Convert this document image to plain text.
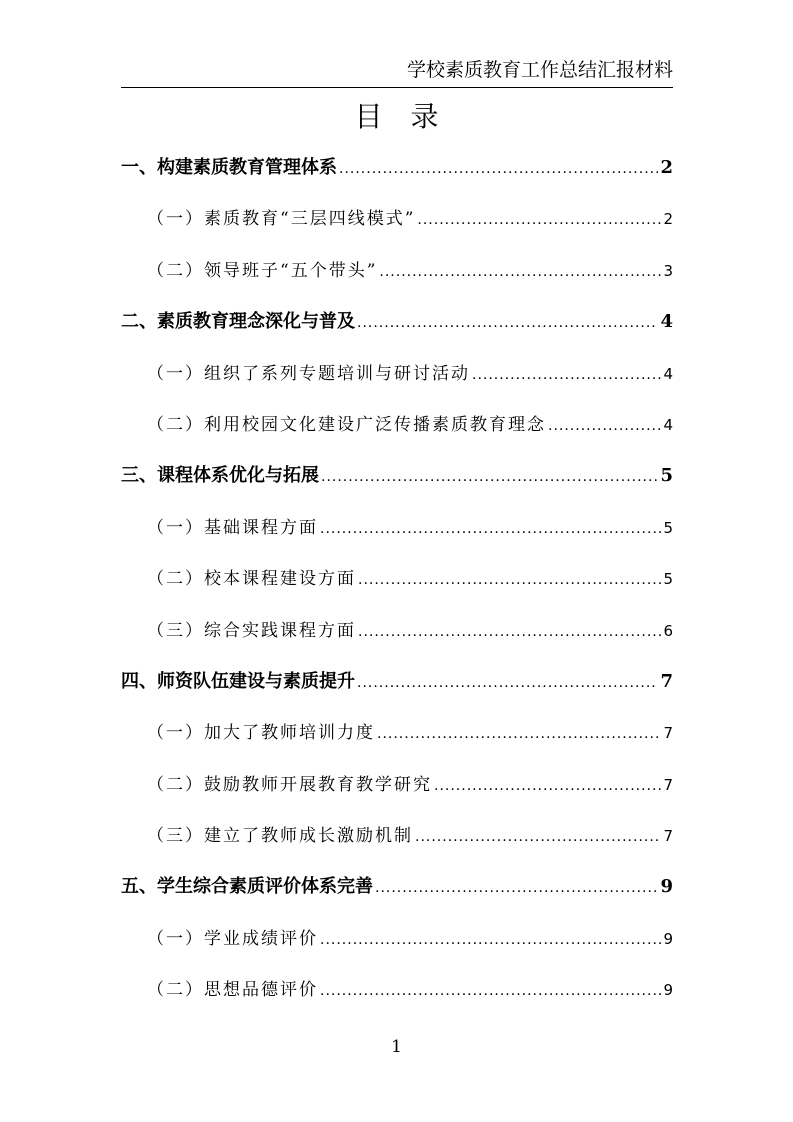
学校素质教育工作总结汇报材料
目录
一、构建素质教育管理体系 .....	2
（一）素质教育“三层四线模式” .....	2
（二）领导班子“五个带头” .....	3
二、素质教育理念深化与普及 .....	4
（一）组织了系列专题培训与研讨活动 .....	4
（二）利用校园文化建设广泛传播素质教育理念 .....	4
三、课程体系优化与拓展 .....	5
（一）基础课程方面 .....	5
（二）校本课程建设方面 .....	5
（三）综合实践课程方面 .....	6
四、师资队伍建设与素质提升 .....	7
（一）加大了教师培训力度 .....	7
（二）鼓励教师开展教育教学研究 .....	7
（三）建立了教师成长激励机制 .....	7
五、学生综合素质评价体系完善 .....	9
（一）学业成绩评价 .....	9
（二）思想品德评价 .....	9
1
